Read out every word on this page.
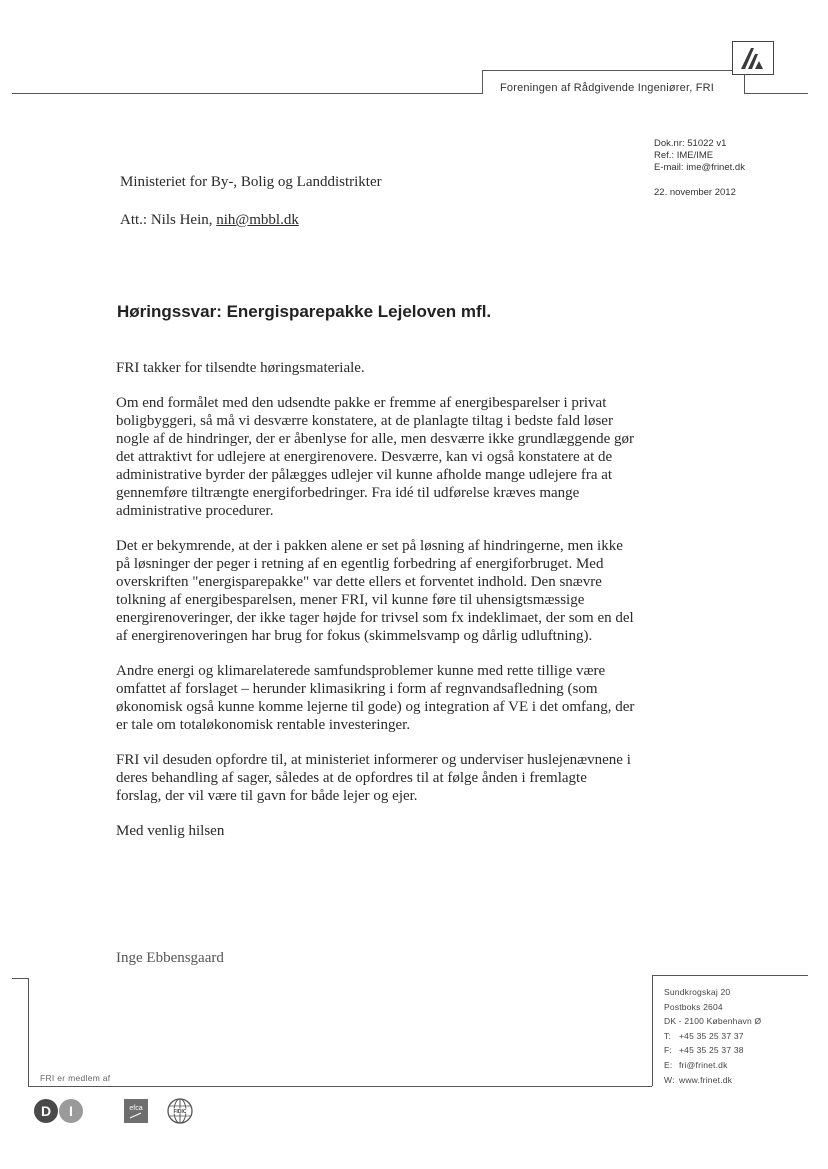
Foreningen af Rådgivende Ingeniører, FRI
Dok.nr: 51022 v1
Ref.: IME/IME
E-mail: ime@frinet.dk
22. november 2012
Ministeriet for By-, Bolig og Landdistrikter
Att.: Nils Hein, nih@mbbl.dk
Høringssvar: Energisparepakke Lejeloven mfl.

FRI takker for tilsendte høringsmateriale.

Om end formålet med den udsendte pakke er fremme af energibesparelser i privat boligbyggeri, så må vi desværre konstatere, at de planlagte tiltag i bedste fald løser nogle af de hindringer, der er åbenlyse for alle, men desværre ikke grundlæggende gør det attraktivt for udlejere at energirenovere. Desværre, kan vi også konstatere at de administrative byrder der pålægges udlejer vil kunne afholde mange udlejere fra at gennemføre tiltrængte energiforbedringer. Fra idé til udførelse kræves mange administrative procedurer.

Det er bekymrende, at der i pakken alene er set på løsning af hindringerne, men ikke på løsninger der peger i retning af en egentlig forbedring af energiforbruget. Med overskriften "energisparepakke" var dette ellers et forventet indhold. Den snævre tolkning af energibesparelsen, mener FRI, vil kunne føre til uhensigtsmæssige energirenoveringer, der ikke tager højde for trivsel som fx indeklimaet, der som en del af energirenoveringen har brug for fokus (skimmelsvamp og dårlig udluftning).

Andre energi og klimarelaterede samfundsproblemer kunne med rette tillige være omfattet af forslaget – herunder klimasikring i form af regnvandsafledning (som økonomisk også kunne komme lejerne til gode) og integration af VE i det omfang, der er tale om totaløkonomisk rentable investeringer.

FRI vil desuden opfordre til, at ministeriet informerer og underviser huslejenævnene i deres behandling af sager, således at de opfordres til at følge ånden i fremlagte forslag, der vil være til gavn for både lejer og ejer.

Med venlig hilsen

Inge Ebbensgaard
FRI er medlem af
Sundkrogskaj 20
Postboks 2604
DK - 2100 København Ø
T: +45 35 25 37 37
F: +45 35 25 37 38
E: fri@frinet.dk
W: www.frinet.dk
D I	efca	FIDIC
